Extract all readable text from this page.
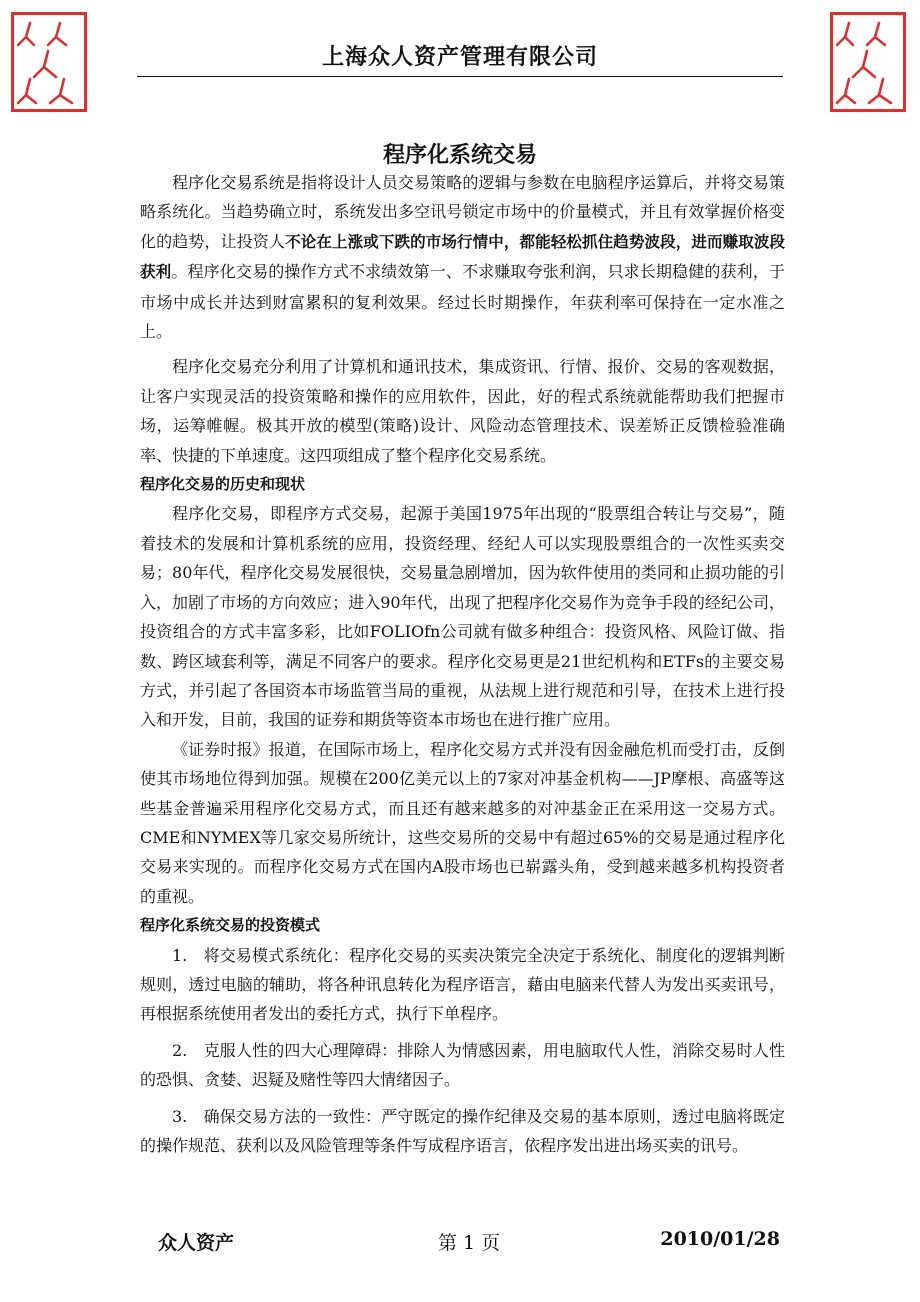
上海众人资产管理有限公司
程序化系统交易

程序化交易系统是指将设计人员交易策略的逻辑与参数在电脑程序运算后，并将交易策略系统化。当趋势确立时，系统发出多空讯号锁定市场中的价量模式，并且有效掌握价格变化的趋势，让投资人不论在上涨或下跌的市场行情中，都能轻松抓住趋势波段，进而赚取波段获利。程序化交易的操作方式不求绩效第一、不求赚取夸张利润，只求长期稳健的获利，于市场中成长并达到财富累积的复利效果。经过长时期操作，年获利率可保持在一定水准之上。

程序化交易充分利用了计算机和通讯技术，集成资讯、行情、报价、交易的客观数据，让客户实现灵活的投资策略和操作的应用软件，因此，好的程式系统就能帮助我们把握市场，运筹帷幄。极其开放的模型(策略)设计、风险动态管理技术、误差矫正反馈检验准确率、快捷的下单速度。这四项组成了整个程序化交易系统。

程序化交易的历史和现状

程序化交易，即程序方式交易，起源于美国1975年出现的“股票组合转让与交易”，随着技术的发展和计算机系统的应用，投资经理、经纪人可以实现股票组合的一次性买卖交易；80年代，程序化交易发展很快，交易量急剧增加，因为软件使用的类同和止损功能的引入，加剧了市场的方向效应；进入90年代，出现了把程序化交易作为竞争手段的经纪公司，投资组合的方式丰富多彩，比如FOLIOfn公司就有做多种组合：投资风格、风险订做、指数、跨区域套利等，满足不同客户的要求。程序化交易更是21世纪机构和ETFs的主要交易方式，并引起了各国资本市场监管当局的重视，从法规上进行规范和引导，在技术上进行投入和开发，目前，我国的证券和期货等资本市场也在进行推广应用。

《证券时报》报道，在国际市场上，程序化交易方式并没有因金融危机而受打击，反倒使其市场地位得到加强。规模在200亿美元以上的7家对冲基金机构——JP摩根、高盛等这些基金普遍采用程序化交易方式，而且还有越来越多的对冲基金正在采用这一交易方式。CME和NYMEX等几家交易所统计，这些交易所的交易中有超过65%的交易是通过程序化交易来实现的。而程序化交易方式在国内A股市场也已崭露头角，受到越来越多机构投资者的重视。

程序化系统交易的投资模式

1.　将交易模式系统化：程序化交易的买卖决策完全决定于系统化、制度化的逻辑判断规则，透过电脑的辅助，将各种讯息转化为程序语言，藉由电脑来代替人为发出买卖讯号，再根据系统使用者发出的委托方式，执行下单程序。

2.　克服人性的四大心理障碍：排除人为情感因素，用电脑取代人性，消除交易时人性的恐惧、贪婪、迟疑及赌性等四大情绪因子。

3.　确保交易方法的一致性：严守既定的操作纪律及交易的基本原则，透过电脑将既定的操作规范、获利以及风险管理等条件写成程序语言，依程序发出进出场买卖的讯号。

众人资产	第 1 页	2010/01/28
